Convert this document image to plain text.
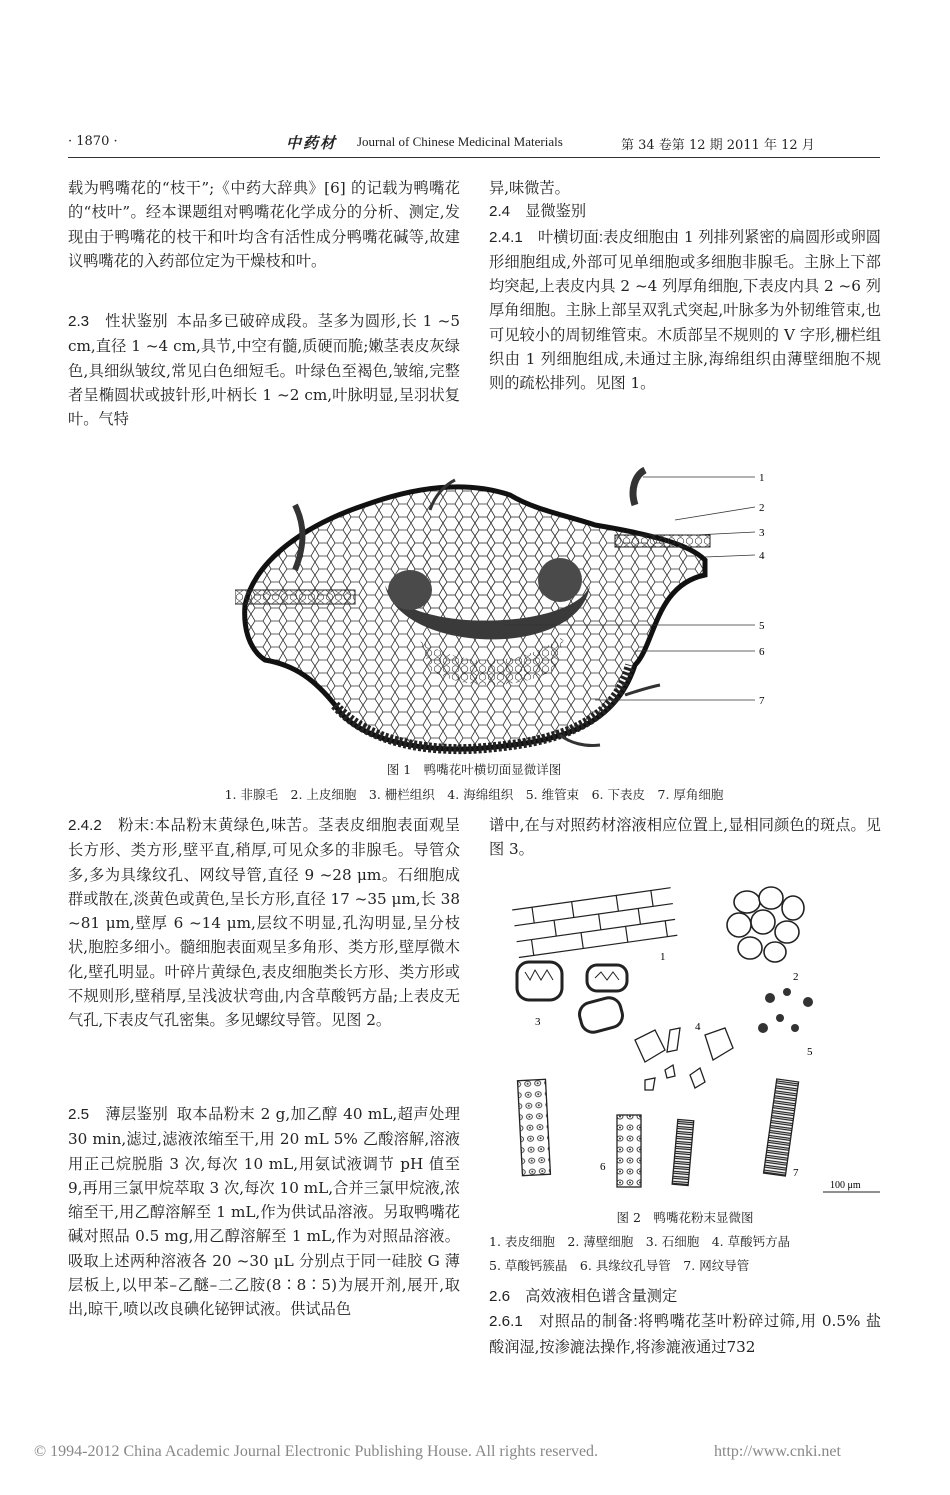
· 1870 ·	中药材 Journal of Chinese Medicinal Materials	第 34 卷第 12 期 2011 年 12 月
载为鸭嘴花的“枝干”;《中药大辞典》[6] 的记载为鸭嘴花的“枝叶”。经本课题组对鸭嘴花化学成分的分析、测定,发现由于鸭嘴花的枝干和叶均含有活性成分鸭嘴花碱等,故建议鸭嘴花的入药部位定为干燥枝和叶。
2.3　性状鉴别 本品多已破碎成段。茎多为圆形,长 1 ~5 cm,直径 1 ~4 cm,具节,中空有髓,质硬而脆;嫩茎表皮灰绿色,具细纵皱纹,常见白色细短毛。叶绿色至褐色,皱缩,完整者呈椭圆状或披针形,叶柄长 1 ~2 cm,叶脉明显,呈羽状复叶。气特
异,味微苦。
2.4　显微鉴别
2.4.1　叶横切面:表皮细胞由 1 列排列紧密的扁圆形或卵圆形细胞组成,外部可见单细胞或多细胞非腺毛。主脉上下部均突起,上表皮内具 2 ~4 列厚角细胞,下表皮内具 2 ~6 列厚角细胞。主脉上部呈双乳式突起,叶脉多为外韧维管束,也可见较小的周韧维管束。木质部呈不规则的 V 字形,栅栏组织由 1 列细胞组成,未通过主脉,海绵组织由薄壁细胞不规则的疏松排列。见图 1。
1
2
3
4
5
6
7
图 1　鸭嘴花叶横切面显微详图
1. 非腺毛　2. 上皮细胞　3. 栅栏组织　4. 海绵组织　5. 维管束　6. 下表皮　7. 厚角细胞
2.4.2　粉末:本品粉末黄绿色,味苦。茎表皮细胞表面观呈长方形、类方形,壁平直,稍厚,可见众多的非腺毛。导管众多,多为具缘纹孔、网纹导管,直径 9 ~28 μm。石细胞成群或散在,淡黄色或黄色,呈长方形,直径 17 ~35 μm,长 38 ~81 μm,壁厚 6 ~14 μm,层纹不明显,孔沟明显,呈分枝状,胞腔多细小。髓细胞表面观呈多角形、类方形,壁厚微木化,壁孔明显。叶碎片黄绿色,表皮细胞类长方形、类方形或不规则形,壁稍厚,呈浅波状弯曲,内含草酸钙方晶;上表皮无气孔,下表皮气孔密集。多见螺纹导管。见图 2。
2.5　薄层鉴别 取本品粉末 2 g,加乙醇 40 mL,超声处理 30 min,滤过,滤液浓缩至干,用 20 mL 5% 乙酸溶解,溶液用正己烷脱脂 3 次,每次 10 mL,用氨试液调节 pH 值至 9,再用三氯甲烷萃取 3 次,每次 10 mL,合并三氯甲烷液,浓缩至干,用乙醇溶解至 1 mL,作为供试品溶液。另取鸭嘴花碱对照品 0.5 mg,用乙醇溶解至 1 mL,作为对照品溶液。吸取上述两种溶液各 20 ~30 μL 分别点于同一硅胶 G 薄层板上,以甲苯–乙醚–二乙胺(8∶8∶5)为展开剂,展开,取出,晾干,喷以改良碘化铋钾试液。供试品色
谱中,在与对照药材溶液相应位置上,显相同颜色的斑点。见图 3。
1
2
3	4
5
6	7
100 μm
图 2　鸭嘴花粉末显微图
1. 表皮细胞　2. 薄壁细胞　3. 石细胞　4. 草酸钙方晶
5. 草酸钙簇晶　6. 具缘纹孔导管　7. 网纹导管
2.6　高效液相色谱含量测定
2.6.1　对照品的制备:将鸭嘴花茎叶粉碎过筛,用 0.5% 盐酸润湿,按渗漉法操作,将渗漉液通过732
© 1994-2012 China Academic Journal Electronic Publishing House. All rights reserved.	http://www.cnki.net
